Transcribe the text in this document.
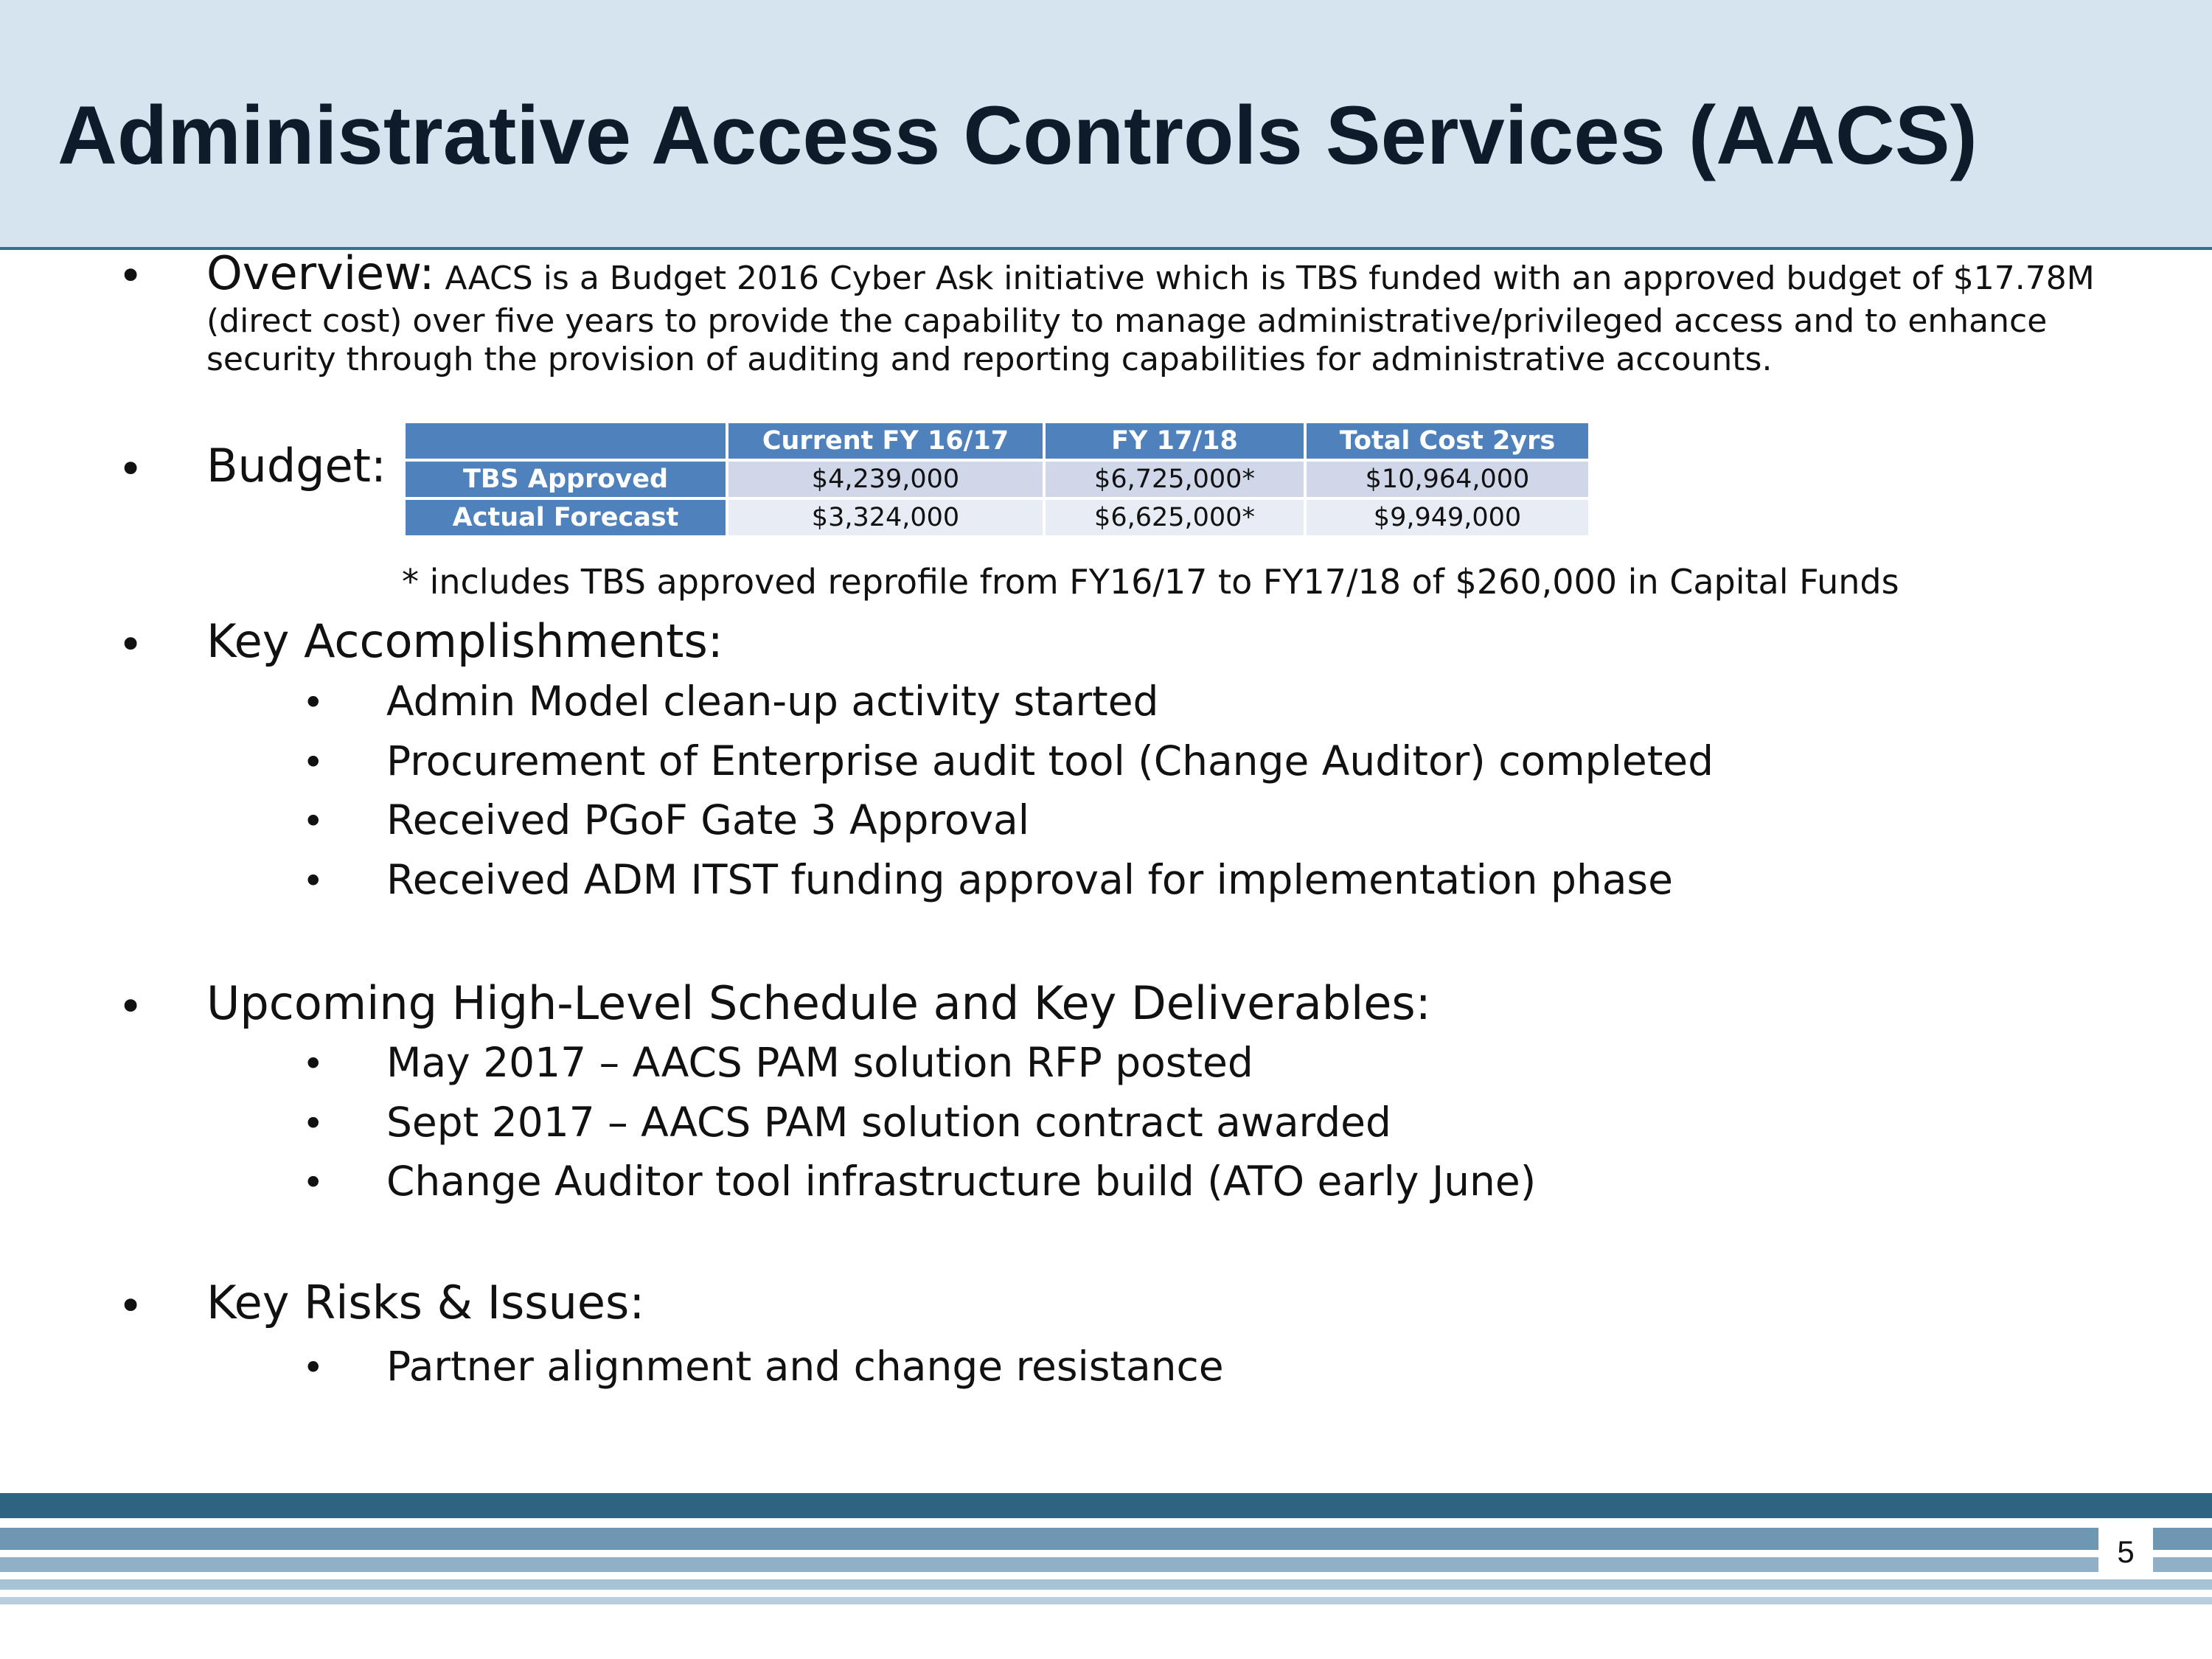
Administrative Access Controls Services (AACS)
• Overview: AACS is a Budget 2016 Cyber Ask initiative which is TBS funded with an approved budget of $17.78M
(direct cost) over five years to provide the capability to manage administrative/privileged access and to enhance
security through the provision of auditing and reporting capabilities for administrative accounts.
• Budget:
		Current FY 16/17	FY 17/18	Total Cost 2yrs
TBS Approved	$4,239,000	$6,725,000*	$10,964,000
Actual Forecast	$3,324,000	$6,625,000*	$9,949,000
* includes TBS approved reprofile from FY16/17 to FY17/18 of $260,000 in Capital Funds
• Key Accomplishments:
• Admin Model clean-up activity started
• Procurement of Enterprise audit tool (Change Auditor) completed
• Received PGoF Gate 3 Approval
• Received ADM ITST funding approval for implementation phase
• Upcoming High-Level Schedule and Key Deliverables:
• May 2017 – AACS PAM solution RFP posted
• Sept 2017 – AACS PAM solution contract awarded
• Change Auditor tool infrastructure build (ATO early June)
• Key Risks & Issues:
• Partner alignment and change resistance
5
